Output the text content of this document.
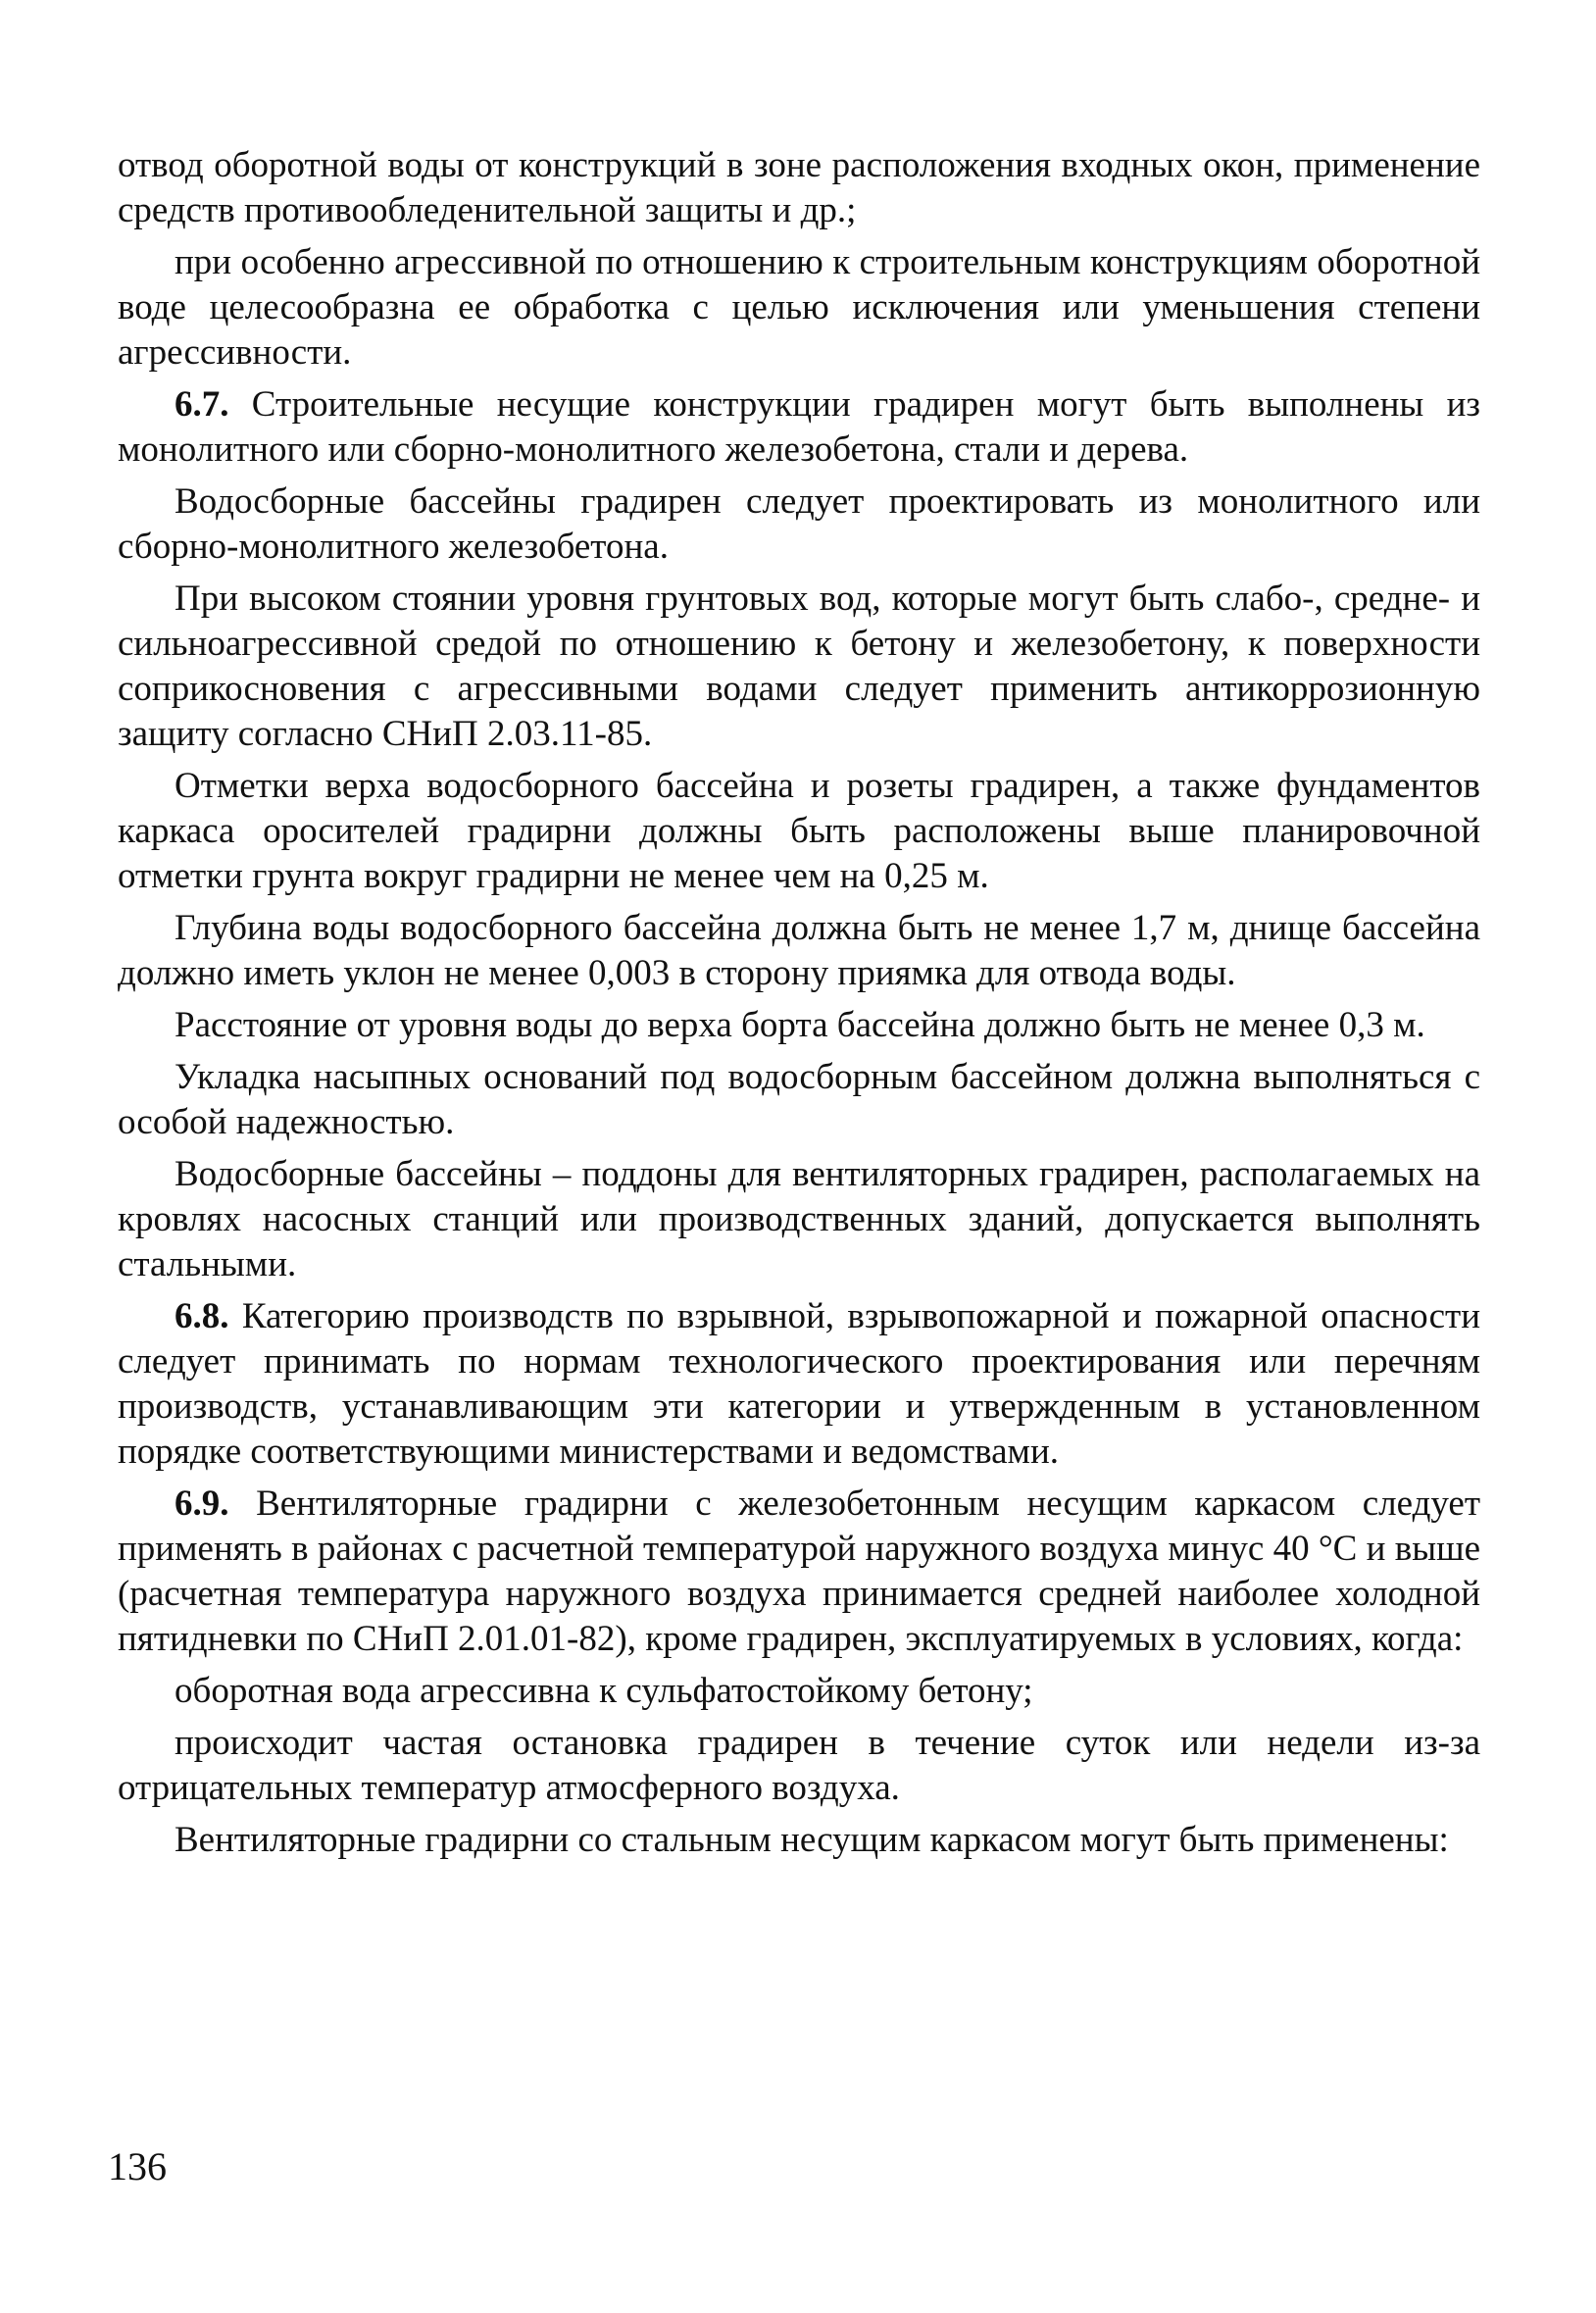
отвод оборотной воды от конструкций в зоне расположения входных окон, применение средств противообледенительной защиты и др.;

при особенно агрессивной по отношению к строительным конструкциям оборотной воде целесообразна ее обработка с целью исключения или уменьшения степени агрессивности.

6.7. Строительные несущие конструкции градирен могут быть выполнены из монолитного или сборно-монолитного железобетона, стали и дерева.

Водосборные бассейны градирен следует проектировать из монолитного или сборно-монолитного железобетона.

При высоком стоянии уровня грунтовых вод, которые могут быть слабо-, средне- и сильноагрессивной средой по отношению к бетону и железобетону, к поверхности соприкосновения с агрессивными водами следует применить антикоррозионную защиту согласно СНиП 2.03.11-85.

Отметки верха водосборного бассейна и розеты градирен, а также фундаментов каркаса оросителей градирни должны быть расположены выше планировочной отметки грунта вокруг градирни не менее чем на 0,25 м.

Глубина воды водосборного бассейна должна быть не менее 1,7 м, днище бассейна должно иметь уклон не менее 0,003 в сторону приямка для отвода воды.

Расстояние от уровня воды до верха борта бассейна должно быть не менее 0,3 м.

Укладка насыпных оснований под водосборным бассейном должна выполняться с особой надежностью.

Водосборные бассейны – поддоны для вентиляторных градирен, располагаемых на кровлях насосных станций или производственных зданий, допускается выполнять стальными.

6.8. Категорию производств по взрывной, взрывопожарной и пожарной опасности следует принимать по нормам технологического проектирования или перечням производств, устанавливающим эти категории и утвержденным в установленном порядке соответствующими министерствами и ведомствами.

6.9. Вентиляторные градирни с железобетонным несущим каркасом следует применять в районах с расчетной температурой наружного воздуха минус 40 °С и выше (расчетная температура наружного воздуха принимается средней наиболее холодной пятидневки по СНиП 2.01.01-82), кроме градирен, эксплуатируемых в условиях, когда:

оборотная вода агрессивна к сульфатостойкому бетону;

происходит частая остановка градирен в течение суток или недели из-за отрицательных температур атмосферного воздуха.

Вентиляторные градирни со стальным несущим каркасом могут быть применены:

136
